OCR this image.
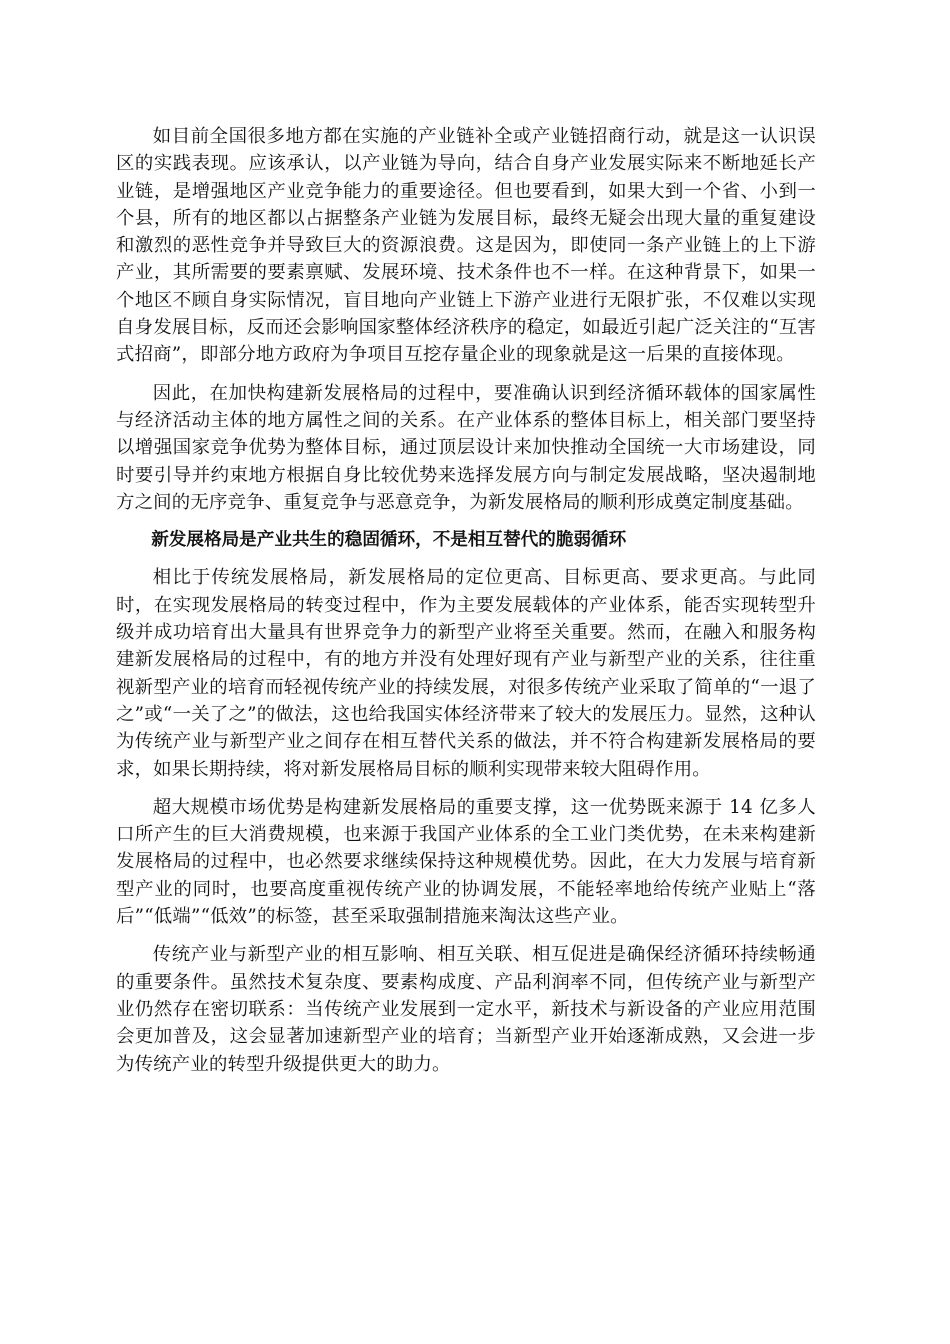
如目前全国很多地方都在实施的产业链补全或产业链招商行动，就是这一认识误区的实践表现。应该承认，以产业链为导向，结合自身产业发展实际来不断地延长产业链，是增强地区产业竞争能力的重要途径。但也要看到，如果大到一个省、小到一个县，所有的地区都以占据整条产业链为发展目标，最终无疑会出现大量的重复建设和激烈的恶性竞争并导致巨大的资源浪费。这是因为，即使同一条产业链上的上下游产业，其所需要的要素禀赋、发展环境、技术条件也不一样。在这种背景下，如果一个地区不顾自身实际情况，盲目地向产业链上下游产业进行无限扩张，不仅难以实现自身发展目标，反而还会影响国家整体经济秩序的稳定，如最近引起广泛关注的“互害式招商”，即部分地方政府为争项目互挖存量企业的现象就是这一后果的直接体现。

因此，在加快构建新发展格局的过程中，要准确认识到经济循环载体的国家属性与经济活动主体的地方属性之间的关系。在产业体系的整体目标上，相关部门要坚持以增强国家竞争优势为整体目标，通过顶层设计来加快推动全国统一大市场建设，同时要引导并约束地方根据自身比较优势来选择发展方向与制定发展战略，坚决遏制地方之间的无序竞争、重复竞争与恶意竞争，为新发展格局的顺利形成奠定制度基础。

新发展格局是产业共生的稳固循环，不是相互替代的脆弱循环

相比于传统发展格局，新发展格局的定位更高、目标更高、要求更高。与此同时，在实现发展格局的转变过程中，作为主要发展载体的产业体系，能否实现转型升级并成功培育出大量具有世界竞争力的新型产业将至关重要。然而，在融入和服务构建新发展格局的过程中，有的地方并没有处理好现有产业与新型产业的关系，往往重视新型产业的培育而轻视传统产业的持续发展，对很多传统产业采取了简单的“一退了之”或“一关了之”的做法，这也给我国实体经济带来了较大的发展压力。显然，这种认为传统产业与新型产业之间存在相互替代关系的做法，并不符合构建新发展格局的要求，如果长期持续，将对新发展格局目标的顺利实现带来较大阻碍作用。

超大规模市场优势是构建新发展格局的重要支撑，这一优势既来源于 14 亿多人口所产生的巨大消费规模，也来源于我国产业体系的全工业门类优势，在未来构建新发展格局的过程中，也必然要求继续保持这种规模优势。因此，在大力发展与培育新型产业的同时，也要高度重视传统产业的协调发展，不能轻率地给传统产业贴上“落后”“低端”“低效”的标签，甚至采取强制措施来淘汰这些产业。

传统产业与新型产业的相互影响、相互关联、相互促进是确保经济循环持续畅通的重要条件。虽然技术复杂度、要素构成度、产品利润率不同，但传统产业与新型产业仍然存在密切联系：当传统产业发展到一定水平，新技术与新设备的产业应用范围会更加普及，这会显著加速新型产业的培育；当新型产业开始逐渐成熟，又会进一步为传统产业的转型升级提供更大的助力。
